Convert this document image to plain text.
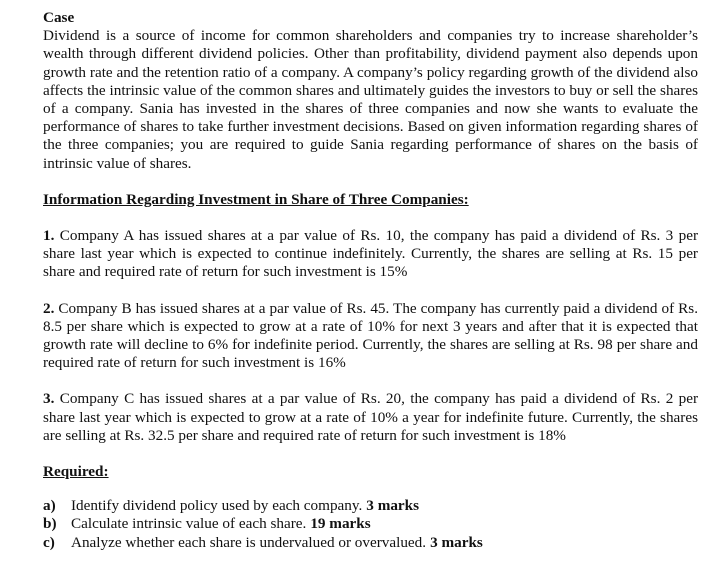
Case

Dividend is a source of income for common shareholders and companies try to increase shareholder’s wealth through different dividend policies. Other than profitability, dividend payment also depends upon growth rate and the retention ratio of a company. A company’s policy regarding growth of the dividend also affects the intrinsic value of the common shares and ultimately guides the investors to buy or sell the shares of a company. Sania has invested in the shares of three companies and now she wants to evaluate the performance of shares to take further investment decisions. Based on given information regarding shares of the three companies; you are required to guide Sania regarding performance of shares on the basis of intrinsic value of shares.

Information Regarding Investment in Share of Three Companies:

1. Company A has issued shares at a par value of Rs. 10, the company has paid a dividend of Rs. 3 per share last year which is expected to continue indefinitely. Currently, the shares are selling at Rs. 15 per share and required rate of return for such investment is 15%

2. Company B has issued shares at a par value of Rs. 45. The company has currently paid a dividend of Rs. 8.5 per share which is expected to grow at a rate of 10% for next 3 years and after that it is expected that growth rate will decline to 6% for indefinite period. Currently, the shares are selling at Rs. 98 per share and required rate of return for such investment is 16%

3. Company C has issued shares at a par value of Rs. 20, the company has paid a dividend of Rs. 2 per share last year which is expected to grow at a rate of 10% a year for indefinite future. Currently, the shares are selling at Rs. 32.5 per share and required rate of return for such investment is 18%

Required:
a)	Identify dividend policy used by each company. 3 marks
b) Calculate intrinsic value of each share. 19 marks
c)	Analyze whether each share is undervalued or overvalued. 3 marks
